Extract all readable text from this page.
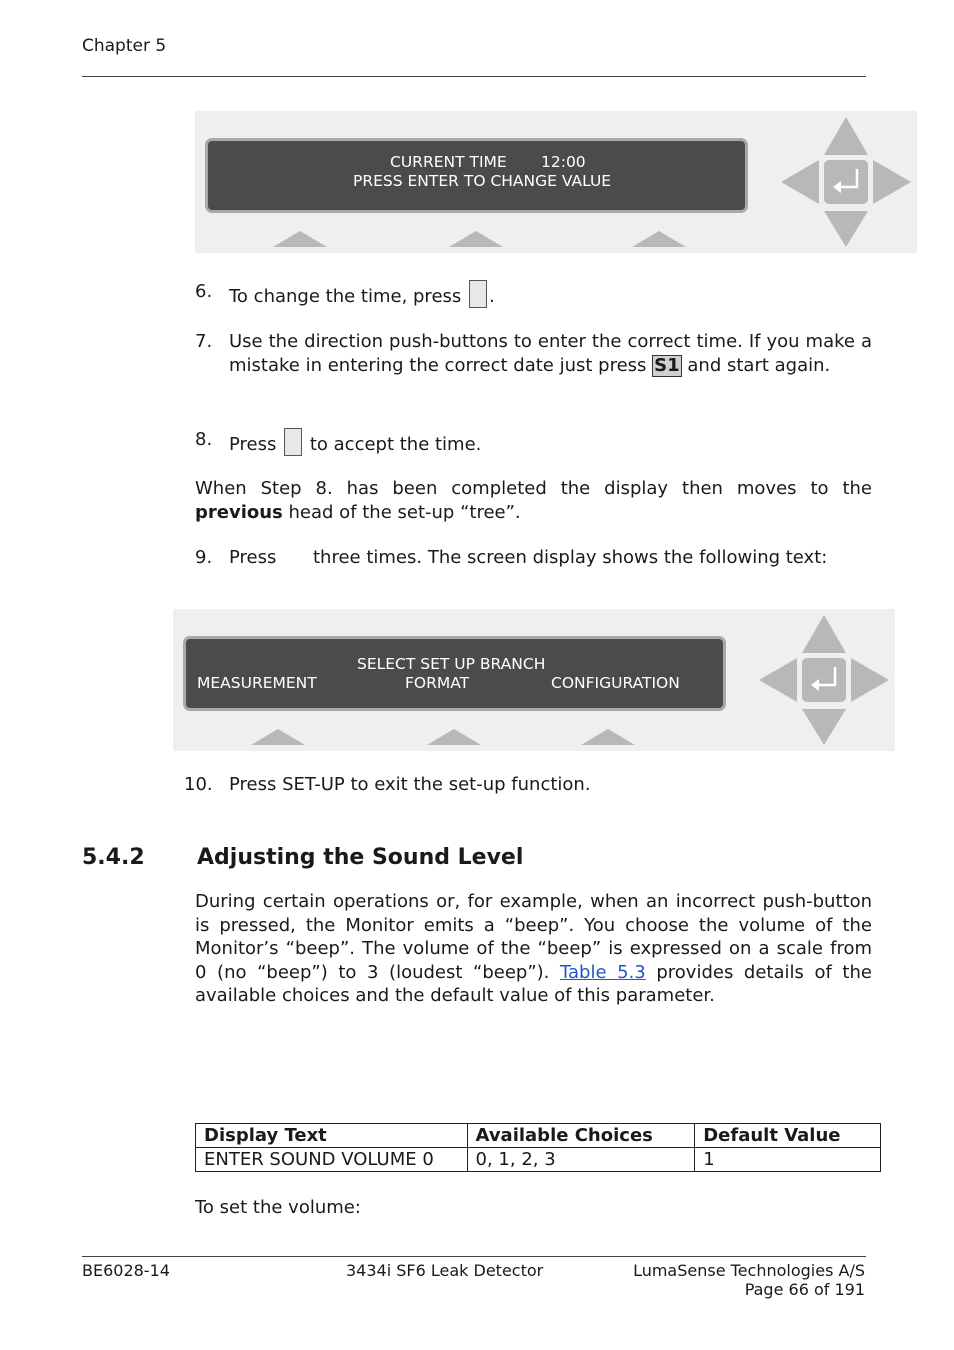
Chapter 5
CURRENT TIME 12:00
PRESS ENTER TO CHANGE VALUE
6. To change the time, press .
7. Use the direction push-buttons to enter the correct time. If you make a mistake in entering the correct date just press S1 and start again.

8. Press to accept the time.

When Step 8. has been completed the display then moves to the previous head of the set-up “tree”.

9. Press three times. The screen display shows the following text:
SELECT SET UP BRANCH
MEASUREMENT	FORMAT	CONFIGURATION
10. Press SET-UP to exit the set-up function.
5.4.2 Adjusting the Sound Level

During certain operations or, for example, when an incorrect push-button is pressed, the Monitor emits a “beep”. You choose the volume of the Monitor’s “beep”. The volume of the “beep” is expressed on a scale from 0 (no “beep”) to 3 (loudest “beep”). Table 5.3 provides details of the available choices and the default value of this parameter.

Display Text	Available Choices	Default Value
ENTER SOUND VOLUME 0	0, 1, 2, 3	1
To set the volume:
BE6028-14	3434i SF6 Leak Detector	LumaSense Technologies A/S
Page 66 of 191
